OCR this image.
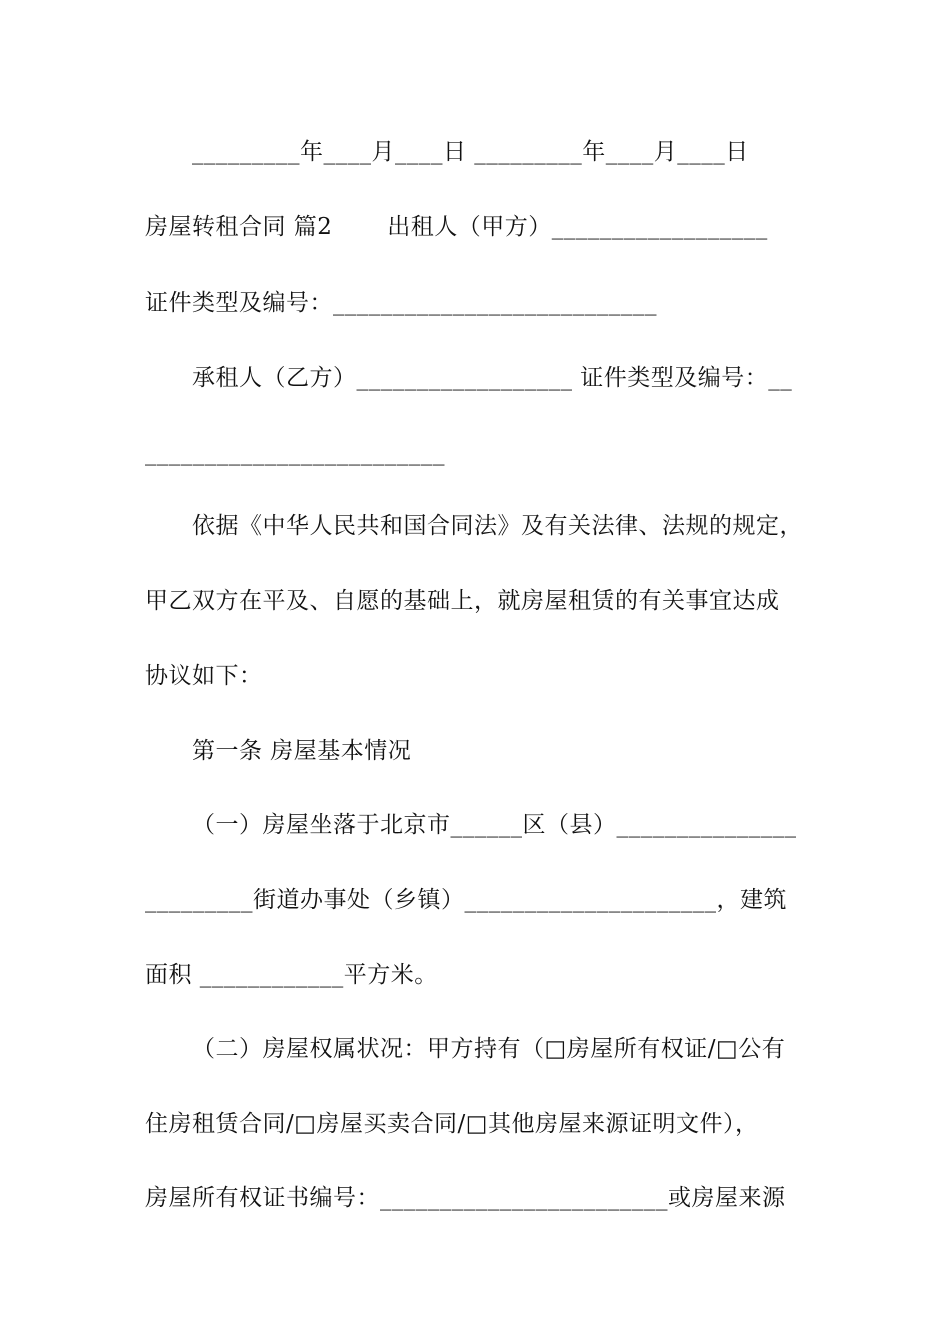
_________年____月____日 _________年____月____日
房屋转租合同 篇2 　　出租人（甲方）__________________
证件类型及编号：___________________________
承租人（乙方）__________________ 证件类型及编号：__
_________________________
依据《中华人民共和国合同法》及有关法律、法规的规定，
甲乙双方在平及、自愿的基础上，就房屋租赁的有关事宜达成
协议如下：
第一条 房屋基本情况
（一）房屋坐落于北京市______区（县）_______________
_________街道办事处（乡镇）_____________________，建筑
面积 ____________平方米。
（二）房屋权属状况：甲方持有（□房屋所有权证/□公有
住房租赁合同/□房屋买卖合同/□其他房屋来源证明文件），
房屋所有权证书编号：________________________或房屋来源
